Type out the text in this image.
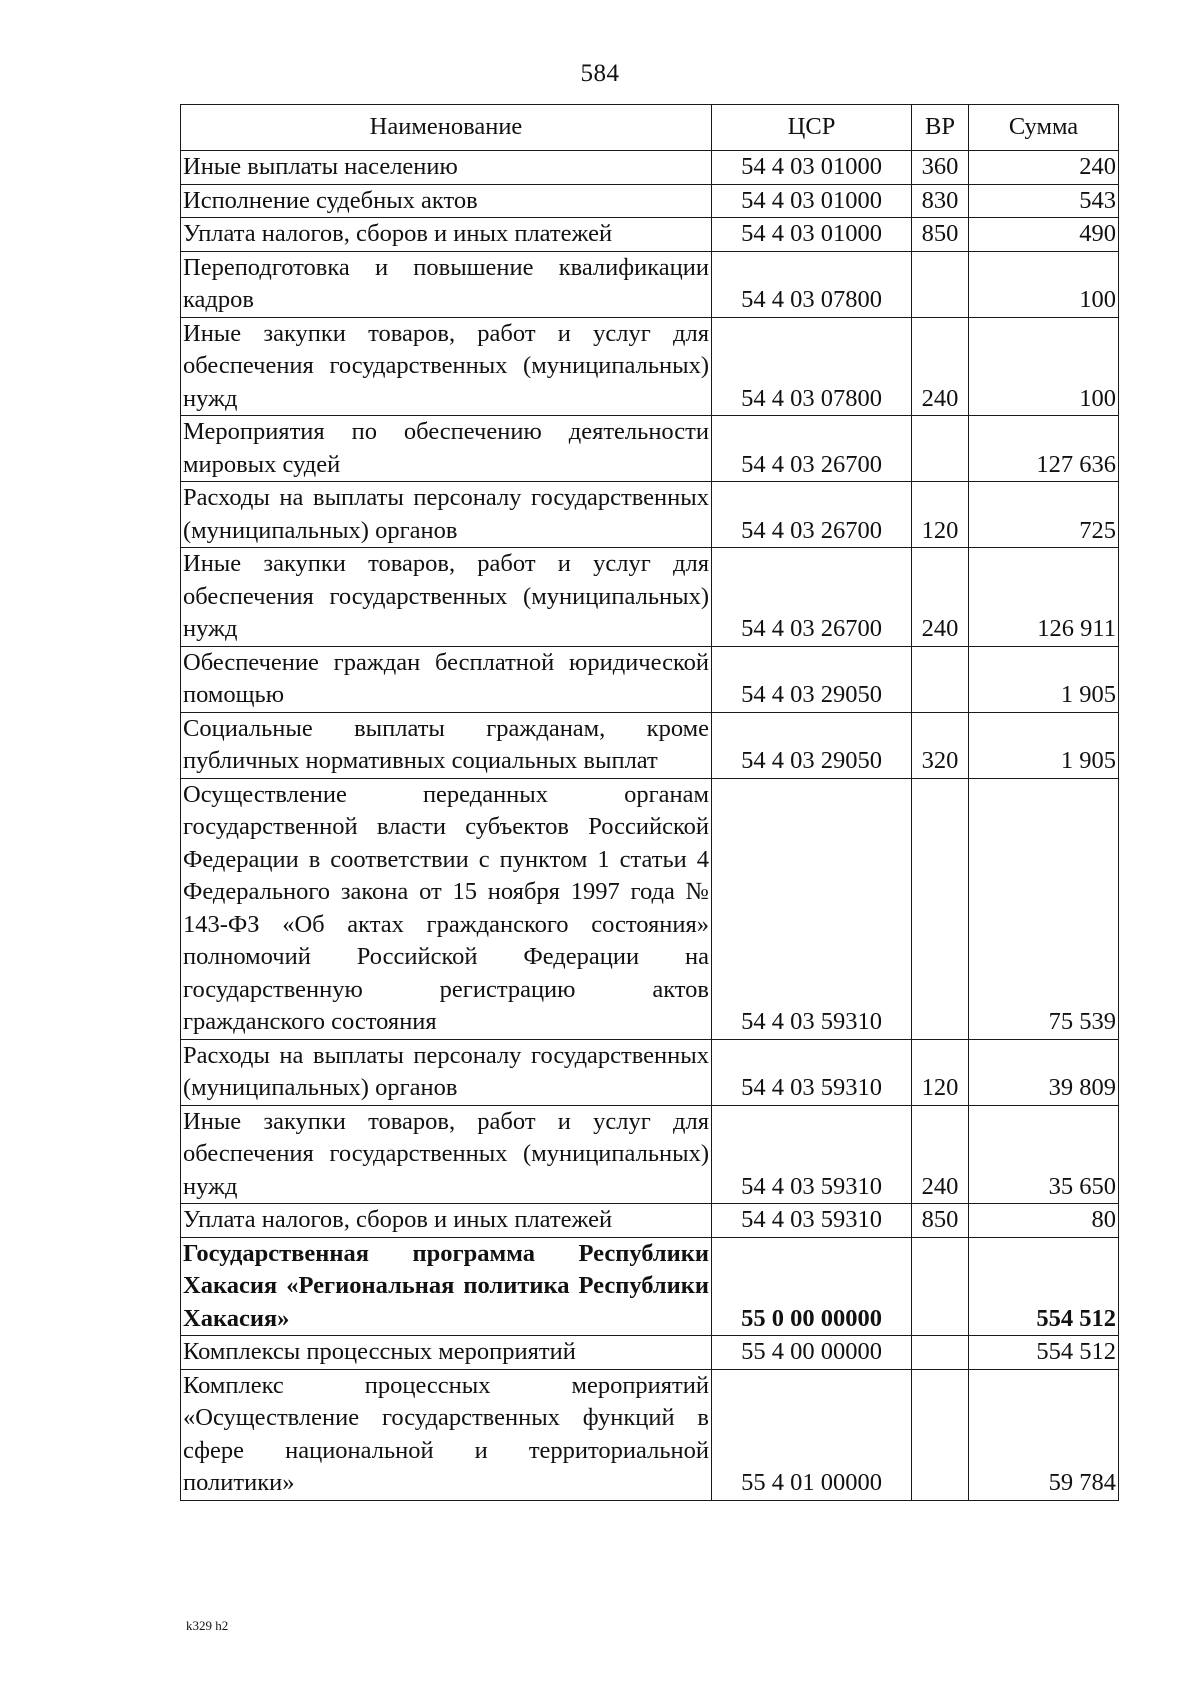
584
Наименование	ЦСР	ВР	Сумма
Иные выплаты населению	54 4 03 01000	360	240
Исполнение судебных актов	54 4 03 01000	830	543
Уплата налогов, сборов и иных платежей	54 4 03 01000	850	490
Переподготовка и повышение квалификации кадров	54 4 03 07800		100
Иные закупки товаров, работ и услуг для обеспечения государственных (муниципальных) нужд	54 4 03 07800	240	100
Мероприятия по обеспечению деятельности мировых судей	54 4 03 26700		127 636
Расходы на выплаты персоналу государственных (муниципальных) органов	54 4 03 26700	120	725
Иные закупки товаров, работ и услуг для обеспечения государственных (муниципальных) нужд	54 4 03 26700	240	126 911
Обеспечение граждан бесплатной юридической помощью	54 4 03 29050		1 905
Социальные выплаты гражданам, кроме публичных нормативных социальных выплат	54 4 03 29050	320	1 905
Осуществление переданных органам государственной власти субъектов Российской Федерации в соответствии с пунктом 1 статьи 4 Федерального закона от 15 ноября 1997 года № 143-ФЗ «Об актах гражданского состояния» полномочий Российской Федерации на государственную регистрацию актов гражданского состояния	54 4 03 59310		75 539
Расходы на выплаты персоналу государственных (муниципальных) органов	54 4 03 59310	120	39 809
Иные закупки товаров, работ и услуг для обеспечения государственных (муниципальных) нужд	54 4 03 59310	240	35 650
Уплата налогов, сборов и иных платежей	54 4 03 59310	850	80
Государственная программа Республики Хакасия «Региональная политика Республики Хакасия»	55 0 00 00000		554 512
Комплексы процессных мероприятий	55 4 00 00000		554 512
Комплекс процессных мероприятий «Осуществление государственных функций в сфере национальной и территориальной политики»	55 4 01 00000		59 784
k329 h2
